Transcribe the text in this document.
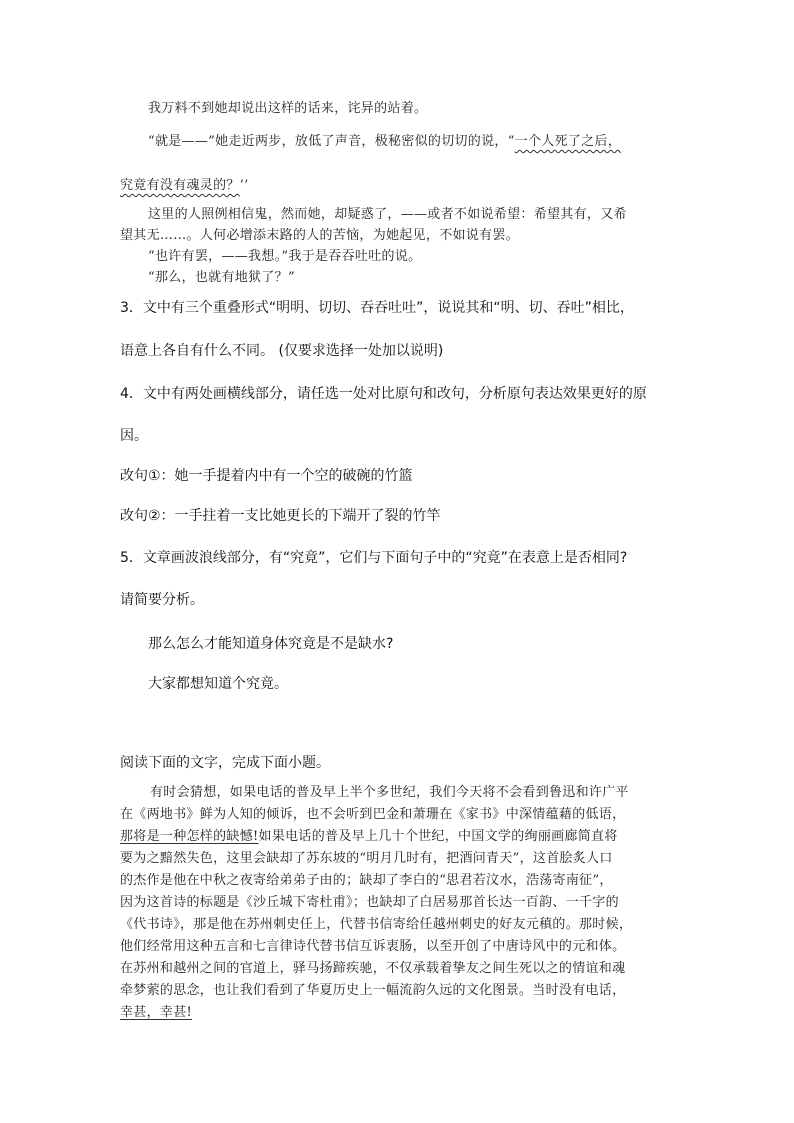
我万料不到她却说出这样的话来，诧异的站着。
“就是——”她走近两步，放低了声音，极秘密似的切切的说，“一个人死了之后，
究竟有没有魂灵的？’’
这里的人照例相信鬼，然而她，却疑惑了，——或者不如说希望：希望其有，又希
望其无……。人何必增添末路的人的苦恼，为她起见，不如说有罢。
“也许有罢，——我想。”我于是吞吞吐吐的说。
“那么，也就有地狱了？”
3．文中有三个重叠形式“明明、切切、吞吞吐吐”，说说其和“明、切、吞吐”相比，
语意上各自有什么不同。 (仅要求选择一处加以说明)
4．文中有两处画横线部分，请任选一处对比原句和改句，分析原句表达效果更好的原
因。
改句①：她一手提着内中有一个空的破碗的竹篮
改句②：一手拄着一支比她更长的下端开了裂的竹竿
5．文章画波浪线部分，有“究竟”，它们与下面句子中的“究竟”在表意上是否相同?
请简要分析。
那么怎么才能知道身体究竟是不是缺水?
大家都想知道个究竟。
阅读下面的文字，完成下面小题。
有时会猜想，如果电话的普及早上半个多世纪，我们今天将不会看到鲁迅和许广平
在《两地书》鲜为人知的倾诉，也不会听到巴金和萧珊在《家书》中深情蕴藉的低语，
那将是一种怎样的缺憾!如果电话的普及早上几十个世纪，中国文学的绚丽画廊简直将
要为之黯然失色，这里会缺却了苏东坡的“明月几时有，把酒问青天”，这首脍炙人口
的杰作是他在中秋之夜寄给弟弟子由的；缺却了李白的“思君若汶水，浩荡寄南征”，
因为这首诗的标题是《沙丘城下寄杜甫》；也缺却了白居易那首长达一百韵、一千字的
《代书诗》，那是他在苏州刺史任上，代替书信寄给任越州刺史的好友元稹的。那时候，
他们经常用这种五言和七言律诗代替书信互诉衷肠，以至开创了中唐诗风中的元和体。
在苏州和越州之间的官道上，驿马扬蹄疾驰，不仅承载着挚友之间生死以之的情谊和魂
牵梦萦的思念，也让我们看到了华夏历史上一幅流韵久远的文化图景。当时没有电话，
幸甚，幸甚!
